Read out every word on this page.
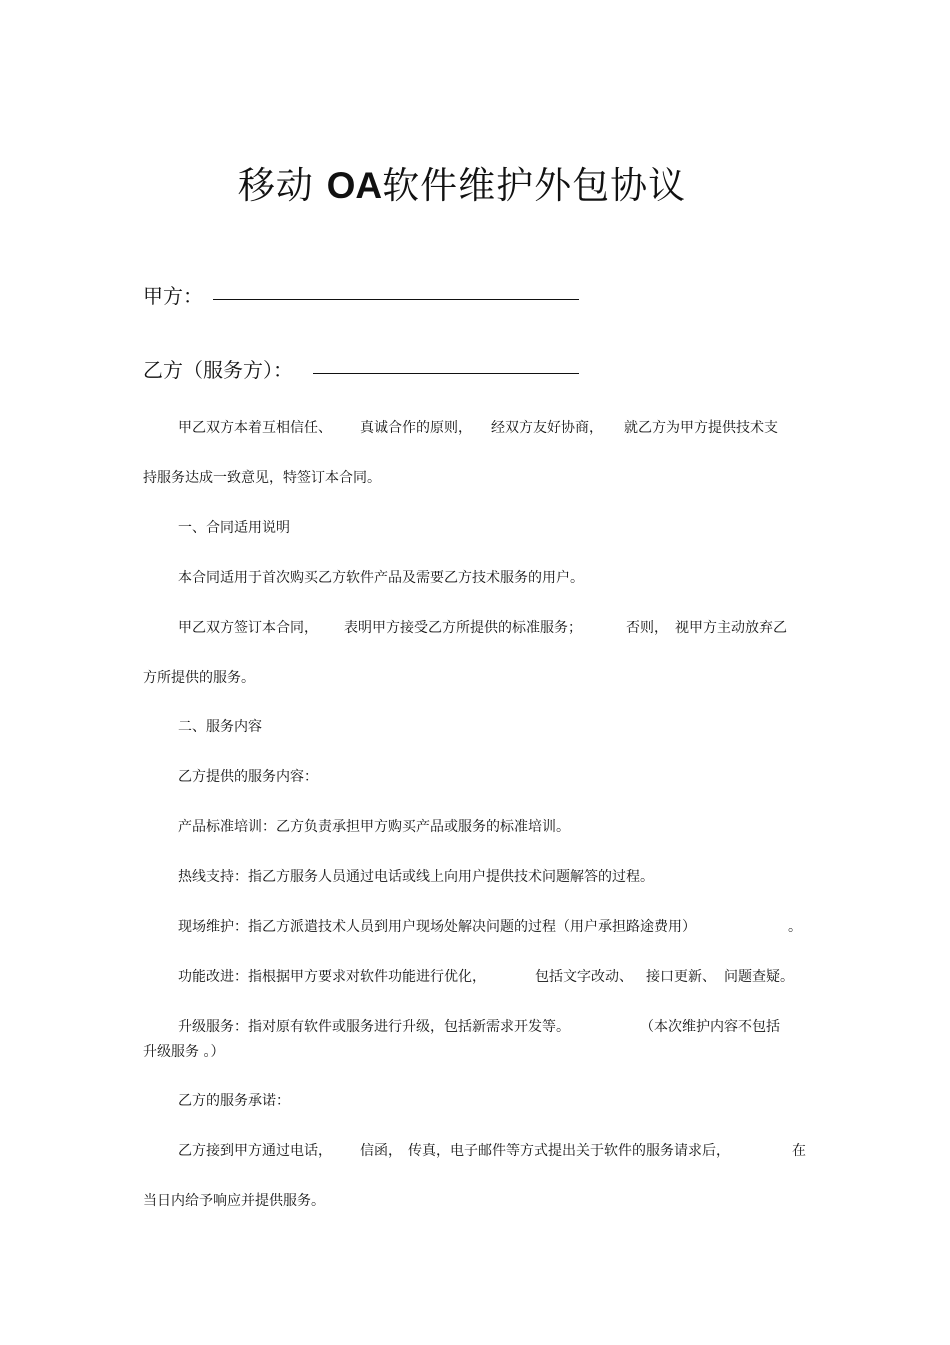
移动 OA软件维护外包协议
甲方：
乙方（服务方）：
甲乙双方本着互相信任、 真诚合作的原则， 经双方友好协商， 就乙方为甲方提供技术支
持服务达成一致意见，特签订本合同。
一、合同适用说明
本合同适用于首次购买乙方软件产品及需要乙方技术服务的用户。
甲乙双方签订本合同， 表明甲方接受乙方所提供的标准服务；	否则， 视甲方主动放弃乙
方所提供的服务。
二、服务内容
乙方提供的服务内容：
产品标准培训：乙方负责承担甲方购买产品或服务的标准培训。
热线支持：指乙方服务人员通过电话或线上向用户提供技术问题解答的过程。
现场维护：指乙方派遣技术人员到用户现场处解决问题的过程（用户承担路途费用）	。
功能改进：指根据甲方要求对软件功能进行优化，	包括文字改动、 接口更新、 问题查疑。
升级服务：指对原有软件或服务进行升级，包括新需求开发等。	（本次维护内容不包括
升级服务 。）
乙方的服务承诺：
乙方接到甲方通过电话， 信函， 传真，电子邮件等方式提出关于软件的服务请求后，	在
当日内给予响应并提供服务。
